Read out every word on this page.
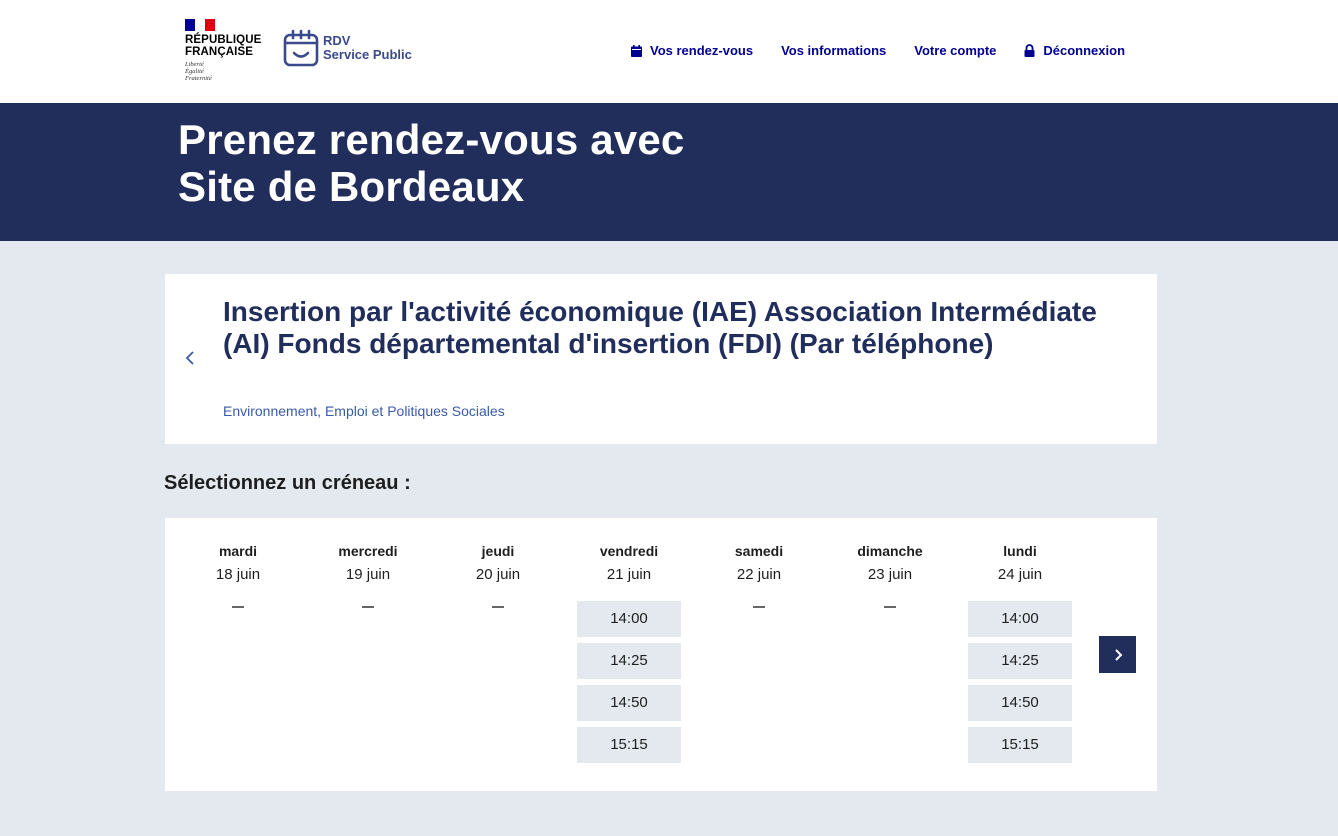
RÉPUBLIQUE
FRANÇAISE
Liberté
Égalité
Fraternité
RDV
Service Public	Vos rendez-vous Vos informations Votre compte	Déconnexion
Prenez rendez-vous avec
Site de Bordeaux
Insertion par l'activité économique (IAE) Association Intermédiate (AI) Fonds départemental d'insertion (FDI) (Par téléphone)
Environnement, Emploi et Politiques Sociales
Sélectionnez un créneau :
mardi
18 juin
mercredi
19 juin
jeudi
20 juin
vendredi
21 juin
14:00
14:25
14:50
15:15
samedi
22 juin
dimanche
23 juin
lundi
24 juin
14:00
14:25
14:50
15:15
